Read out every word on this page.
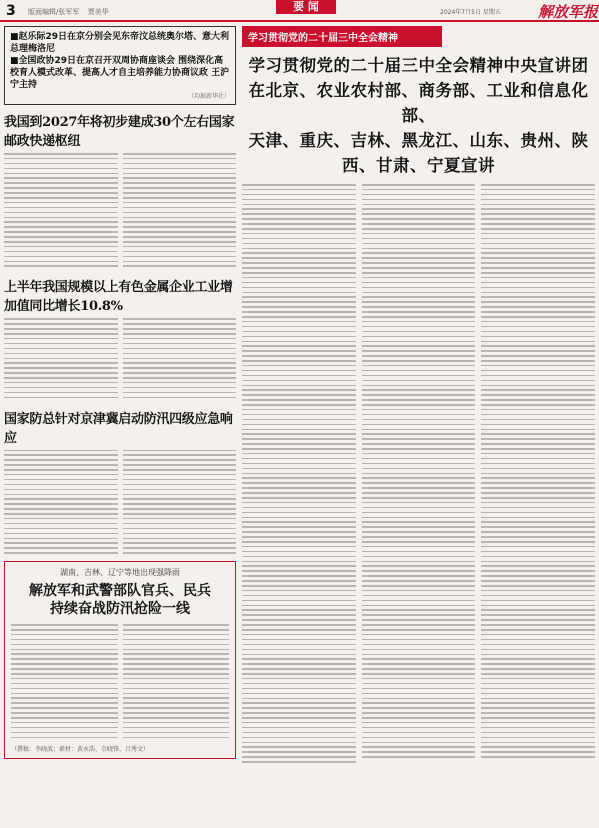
3 版面编辑/张军军 贾美华	要 闻	2024年7月5日 星期五 解放军报
■赵乐际29日在京分别会见东帝汶总统奥尔塔、意大利总理梅洛尼
■全国政协29日在京召开双周协商座谈会 围绕深化高校育人模式改革、提高人才自主培养能力协商议政 王沪宁主持
（均据新华社）
我国到2027年将初步建成30个左右国家邮政快递枢纽
上半年我国规模以上有色金属企业工业增加值同比增长10.8%
国家防总针对京津冀启动防汛四级应急响应
湖南、吉林、辽宁等地出现强降雨
解放军和武警部队官兵、民兵
持续奋战防汛抢险一线
（撰稿：李晓波；素材：黄永浩、佘晓锋、吕秀文）
学习贯彻党的二十届三中全会精神
学习贯彻党的二十届三中全会精神中央宣讲团
在北京、农业农村部、商务部、工业和信息化部、
天津、重庆、吉林、黑龙江、山东、贵州、陕西、甘肃、宁夏宣讲
